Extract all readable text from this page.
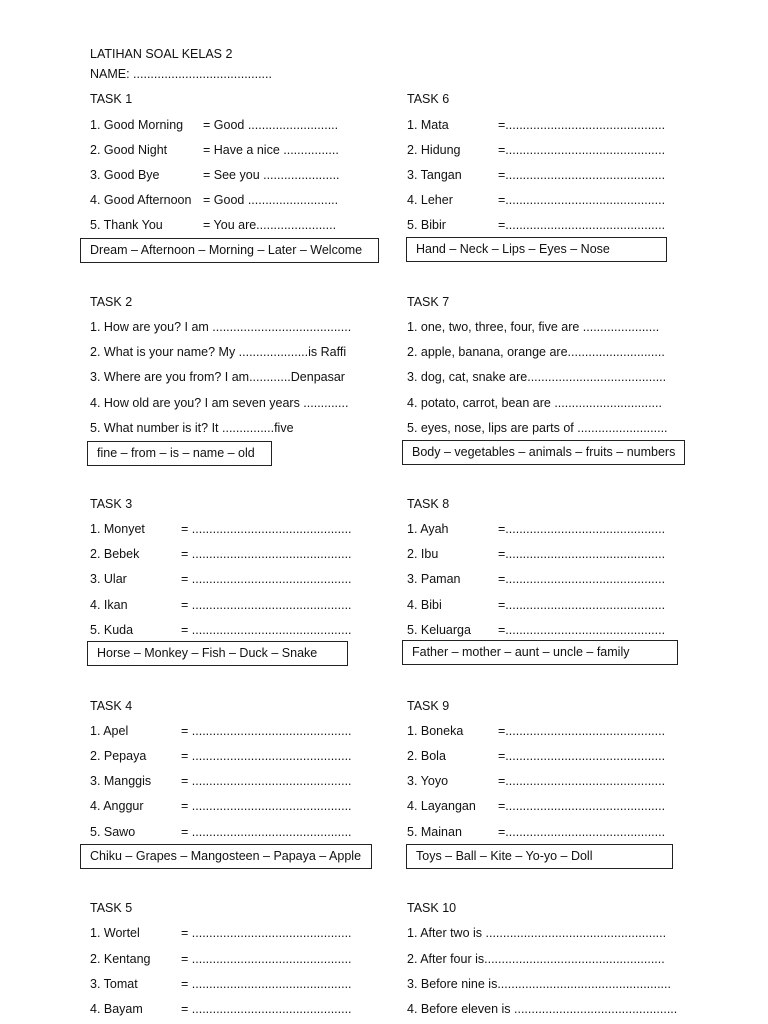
LATIHAN SOAL KELAS 2
NAME: ........................................
TASK 1
1. Good Morning = Good ..........................
2. Good Night	= Have a nice ................
3. Good Bye	= See you ......................
4. Good Afternoon = Good ..........................
5. Thank You	= You are.......................
Dream – Afternoon – Morning – Later – Welcome
TASK 2
1. How are you? I am ........................................
2. What is your name? My ....................is Raffi
3. Where are you from? I am............Denpasar
4. How old are you? I am seven years .............
5. What number is it? It ...............five
fine – from – is – name – old
TASK 3
1. Monyet	= ..............................................
2. Bebek	= ..............................................
3. Ular	= ..............................................
4. Ikan	= ..............................................
5. Kuda	= ..............................................
Horse – Monkey – Fish – Duck – Snake
TASK 4
1. Apel	= ..............................................
2. Pepaya	= ..............................................
3. Manggis = ..............................................
4. Anggur	= ..............................................
5. Sawo	= ..............................................
Chiku – Grapes – Mangosteen – Papaya – Apple
TASK 5
1. Wortel	= ..............................................
2. Kentang = ..............................................
3. Tomat	= ..............................................
4. Bayam	= ..............................................
TASK 6
1. Mata	=..............................................
2. Hidung	=..............................................
3. Tangan	=..............................................
4. Leher	=..............................................
5. Bibir	=..............................................
Hand – Neck – Lips – Eyes – Nose
TASK 7
1. one, two, three, four, five are ......................
2. apple, banana, orange are............................
3. dog, cat, snake are........................................
4. potato, carrot, bean are ...............................
5. eyes, nose, lips are parts of ..........................
Body – vegetables – animals – fruits – numbers
TASK 8
1. Ayah	=..............................................
2. Ibu	=..............................................
3. Paman	=..............................................
4. Bibi	=..............................................
5. Keluarga =..............................................
Father – mother – aunt – uncle – family
TASK 9
1. Boneka	=..............................................
2. Bola	=..............................................
3. Yoyo	=..............................................
4. Layangan =..............................................
5. Mainan	=..............................................
Toys – Ball – Kite – Yo-yo – Doll
TASK 10
1. After two is ....................................................
2. After four is....................................................
3. Before nine is..................................................
4. Before eleven is ...............................................
